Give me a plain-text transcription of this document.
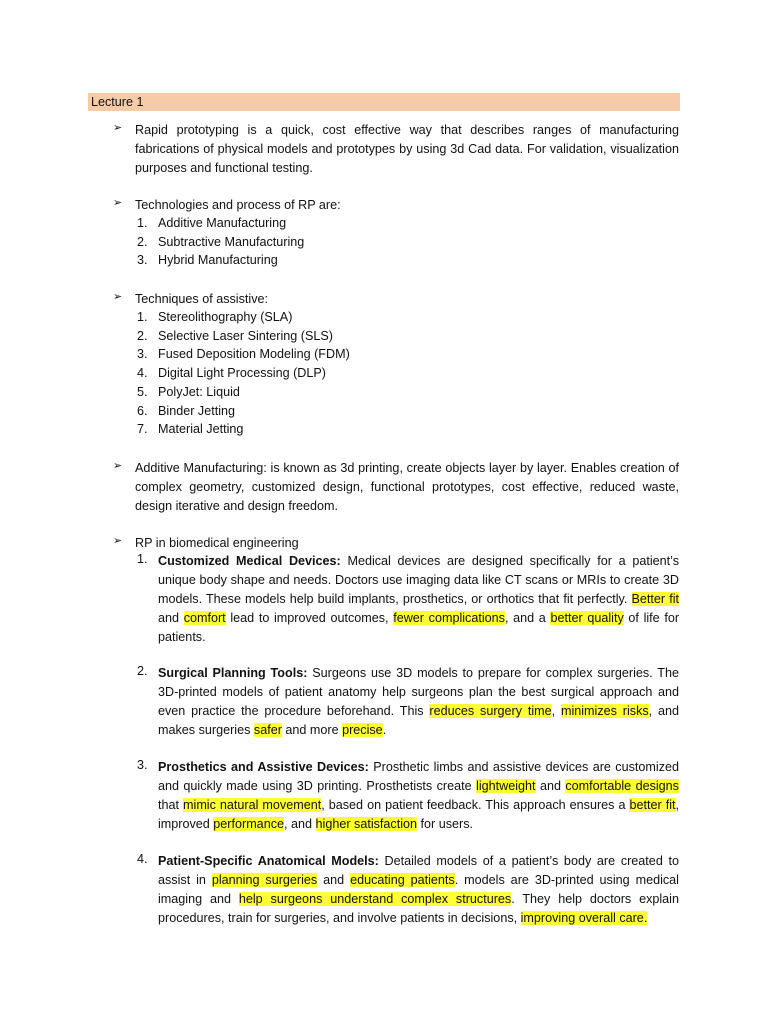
Lecture 1
➢	Rapid prototyping is a quick, cost effective way that describes ranges of manufacturing fabrications of physical models and prototypes by using 3d Cad data. For validation, visualization purposes and functional testing.
➢	Technologies and process of RP are:
1. Additive Manufacturing
2. Subtractive Manufacturing
3. Hybrid Manufacturing
➢	Techniques of assistive:
1. Stereolithography (SLA)
2. Selective Laser Sintering (SLS)
3. Fused Deposition Modeling (FDM)
4. Digital Light Processing (DLP)
5. PolyJet: Liquid
6. Binder Jetting
7. Material Jetting
➢	Additive Manufacturing: is known as 3d printing, create objects layer by layer. Enables creation of complex geometry, customized design, functional prototypes, cost effective, reduced waste, design iterative and design freedom.
➢	RP in biomedical engineering
1. Customized Medical Devices: Medical devices are designed specifically for a patient’s unique body shape and needs. Doctors use imaging data like CT scans or MRIs to create 3D models. These models help build implants, prosthetics, or orthotics that fit perfectly. Better fit and comfort lead to improved outcomes, fewer complications, and a better quality of life for patients.
2. Surgical Planning Tools: Surgeons use 3D models to prepare for complex surgeries. The 3D-printed models of patient anatomy help surgeons plan the best surgical approach and even practice the procedure beforehand. This reduces surgery time, minimizes risks, and makes surgeries safer and more precise.
3. Prosthetics and Assistive Devices: Prosthetic limbs and assistive devices are customized and quickly made using 3D printing. Prosthetists create lightweight and comfortable designs that mimic natural movement, based on patient feedback. This approach ensures a better fit, improved performance, and higher satisfaction for users.
4. Patient-Specific Anatomical Models: Detailed models of a patient’s body are created to assist in planning surgeries and educating patients. models are 3D-printed using medical imaging and help surgeons understand complex structures. They help doctors explain procedures, train for surgeries, and involve patients in decisions, improving overall care.
